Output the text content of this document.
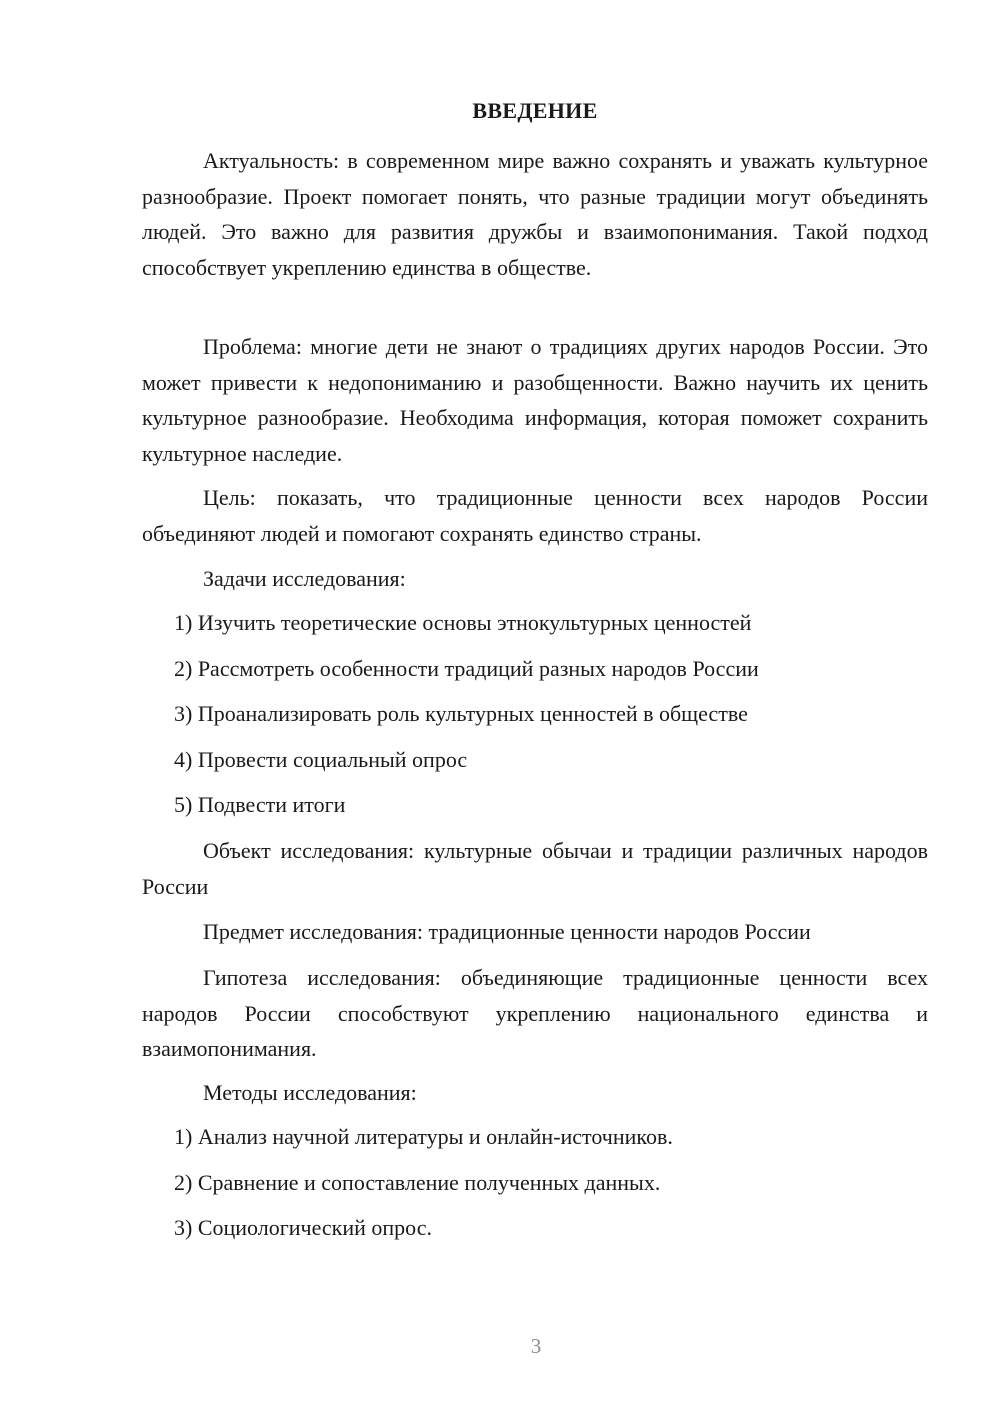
ВВЕДЕНИЕ

Актуальность: в современном мире важно сохранять и уважать культурное разнообразие. Проект помогает понять, что разные традиции могут объединять людей. Это важно для развития дружбы и взаимопонимания. Такой подход способствует укреплению единства в обществе.

Проблема: многие дети не знают о традициях других народов России. Это может привести к недопониманию и разобщенности. Важно научить их ценить культурное разнообразие. Необходима информация, которая поможет сохранить культурное наследие.

Цель: показать, что традиционные ценности всех народов России объединяют людей и помогают сохранять единство страны.

Задачи исследования:

1) Изучить теоретические основы этнокультурных ценностей

2) Рассмотреть особенности традиций разных народов России

3) Проанализировать роль культурных ценностей в обществе

4) Провести социальный опрос

5) Подвести итоги

Объект исследования: культурные обычаи и традиции различных народов России

Предмет исследования: традиционные ценности народов России

Гипотеза исследования: объединяющие традиционные ценности всех народов России способствуют укреплению национального единства и взаимопонимания.

Методы исследования:

1) Анализ научной литературы и онлайн-источников.

2) Сравнение и сопоставление полученных данных.

3) Социологический опрос.

3
